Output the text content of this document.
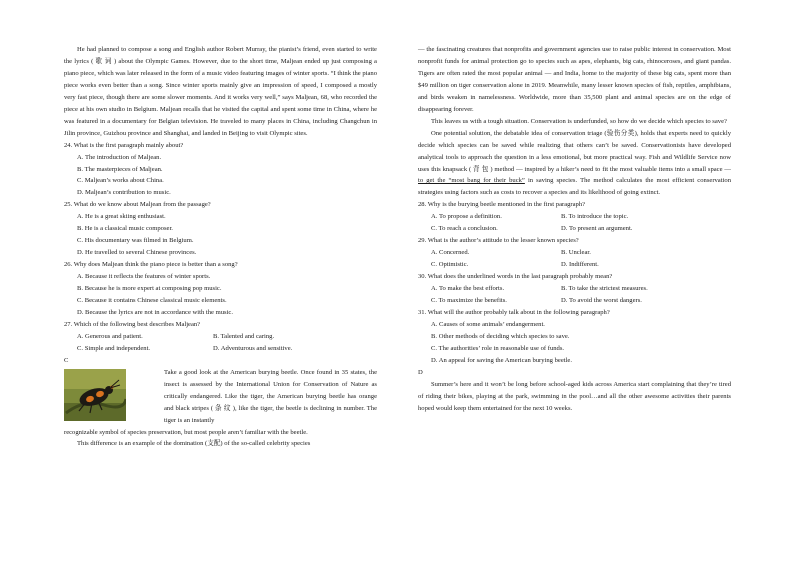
He had planned to compose a song and English author Robert Murray, the pianist’s friend, even started to write the lyrics ( 歌 词 ) about the Olympic Games. However, due to the short time, Maljean ended up just composing a piano piece, which was later released in the form of a music video featuring images of winter sports. “I think the piano piece works even better than a song. Since winter sports mainly give an impression of speed, I composed a mostly very fast piece, though there are some slower moments. And it works very well,” says Maljean, 68, who recorded the piece at his own studio in Belgium. Maljean recalls that he visited the capital and spent some time in China, where he was featured in a documentary for Belgian television. He traveled to many places in China, including Changchun in Jilin province, Guizhou province and Shanghai, and landed in Beijing to visit Olympic sites.

24. What is the first paragraph mainly about?

A. The introduction of Maljean.

B. The masterpieces of Maljean.

C. Maljean’s works about China.

D. Maljean’s contribution to music.

25. What do we know about Maljean from the passage?

A. He is a great skiing enthusiast.

B. He is a classical music composer.

C. His documentary was filmed in Belgium.

D. He travelled to several Chinese provinces.

26. Why does Maljean think the piano piece is better than a song?

A. Because it reflects the features of winter sports.

B. Because he is more expert at composing pop music.

C. Because it contains Chinese classical music elements.

D. Because the lyrics are not in accordance with the music.

27. Which of the following best describes Maljean?

A. Generous and patient.	B. Talented and caring.
C. Simple and independent.	D. Adventurous and sensitive.

C

Take a good look at the American burying beetle. Once found in 35 states, the insect is assessed by the International Union for Conservation of Nature as critically endangered. Like the tiger, the American burying beetle has orange and black stripes ( 条 纹 ), like the tiger, the beetle is declining in number. The tiger is an instantly

recognizable symbol of species preservation, but most people aren’t familiar with the beetle.

This difference is an example of the domination (支配) of the so-called celebrity species

— the fascinating creatures that nonprofits and government agencies use to raise public interest in conservation. Most nonprofit funds for animal protection go to species such as apes, elephants, big cats, rhinoceroses, and giant pandas. Tigers are often rated the most popular animal — and India, home to the majority of these big cats, spent more than $49 million on tiger conservation alone in 2019. Meanwhile, many lesser known species of fish, reptiles, amphibians, and birds weaken in namelessness. Worldwide, more than 35,500 plant and animal species are on the edge of disappearing forever.

This leaves us with a tough situation. Conservation is underfunded, so how do we decide which species to save?

One potential solution, the debatable idea of conservation triage (验伤分类), holds that experts need to quickly decide which species can be saved while realizing that others can’t be saved. Conservationists have developed analytical tools to approach the question in a less emotional, but more practical way. Fish and Wildlife Service now uses this knapsack ( 背 包 ) method — inspired by a hiker’s need to fit the most valuable items into a small space — to get the “most bang for their buck” in saving species. The method calculates the most efficient conservation strategies using factors such as costs to recover a species and its likelihood of going extinct.

28. Why is the burying beetle mentioned in the first paragraph?

A. To propose a definition.	B. To introduce the topic.
C. To reach a conclusion.	D. To present an argument.

29. What is the author’s attitude to the lesser known species?

A. Concerned.	B. Unclear.
C. Optimistic.	D. Indifferent.

30. What does the underlined words in the last paragraph probably mean?

A. To make the best efforts.	B. To take the strictest measures.
C. To maximize the benefits.	D. To avoid the worst dangers.

31. What will the author probably talk about in the following paragraph?

A. Causes of some animals’ endangerment.

B. Other methods of deciding which species to save.

C. The authorities’ role in reasonable use of funds.

D. An appeal for saving the American burying beetle.

D

Summer’s here and it won’t be long before school-aged kids across America start complaining that they’re tired of riding their bikes, playing at the park, swimming in the pool…and all the other awesome activities their parents hoped would keep them entertained for the next 10 weeks.
